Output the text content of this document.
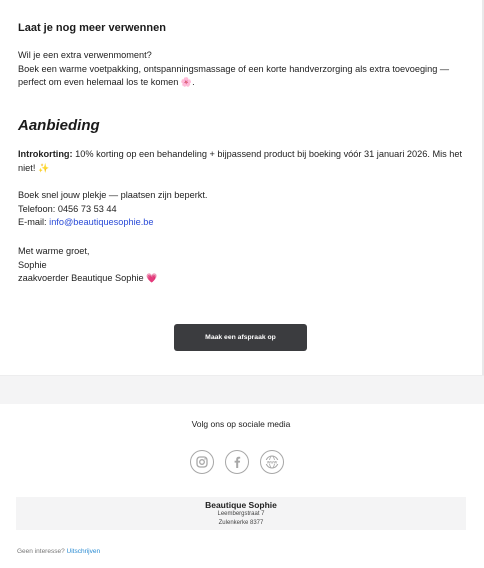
Laat je nog meer verwennen
Wil je een extra verwenmoment?
Boek een warme voetpakking, ontspanningsmassage of een korte handverzorging als extra toevoeging — perfect om even helemaal los te komen 🌸.
Aanbieding
Introkorting: 10% korting op een behandeling + bijpassend product bij boeking vóór 31 januari 2026. Mis het niet! ✨
Boek snel jouw plekje — plaatsen zijn beperkt.
Telefoon: 0456 73 53 44
E-mail: info@beautiquesophie.be
Met warme groet,
Sophie
zaakvoerder Beautique Sophie 💗
Maak een afspraak op
Volg ons op sociale media
WWW
Beautique Sophie
Leembergstraat 7
Zulenkerke 8377
Geen interesse? Uitschrijven
